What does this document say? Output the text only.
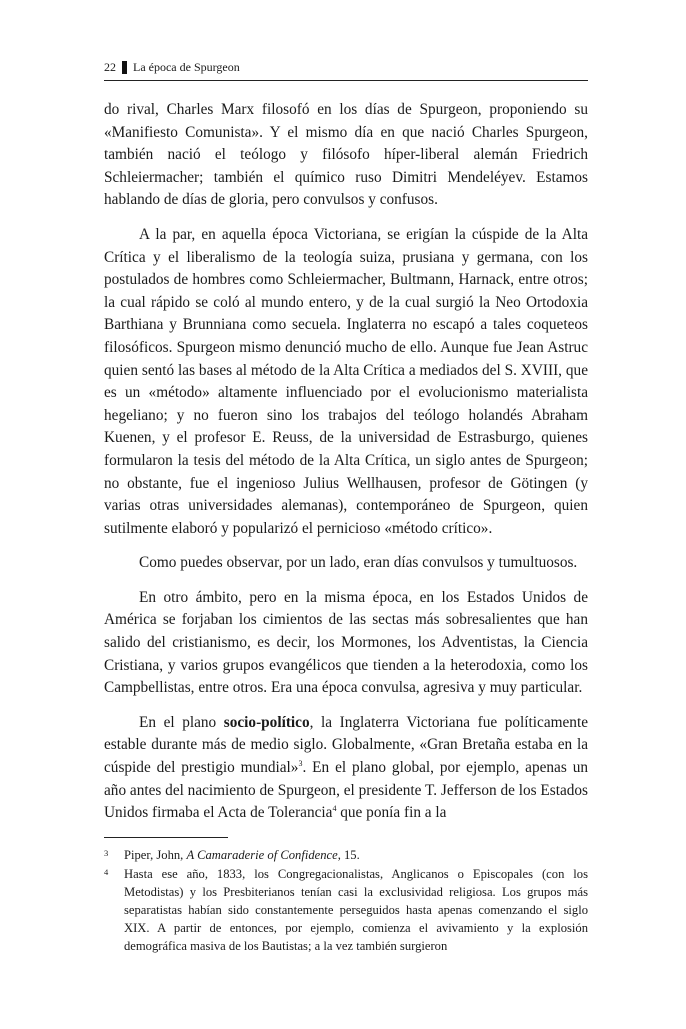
22 La época de Spurgeon

do rival, Charles Marx filosofó en los días de Spurgeon, proponiendo su «Manifiesto Comunista». Y el mismo día en que nació Charles Spurgeon, también nació el teólogo y filósofo híper-liberal alemán Friedrich Schleiermacher; también el químico ruso Dimitri Mendeléyev. Estamos hablando de días de gloria, pero convulsos y confusos.

A la par, en aquella época Victoriana, se erigían la cúspide de la Alta Crítica y el liberalismo de la teología suiza, prusiana y germana, con los postulados de hombres como Schleiermacher, Bultmann, Harnack, entre otros; la cual rápido se coló al mundo entero, y de la cual surgió la Neo Ortodoxia Barthiana y Brunniana como secuela. Inglaterra no escapó a tales coqueteos filosóficos. Spurgeon mismo denunció mucho de ello. Aunque fue Jean Astruc quien sentó las bases al método de la Alta Crítica a mediados del S. XVIII, que es un «método» altamente influenciado por el evolucionismo materialista hegeliano; y no fueron sino los trabajos del teólogo holandés Abraham Kuenen, y el profesor E. Reuss, de la universidad de Estrasburgo, quienes formularon la tesis del método de la Alta Crítica, un siglo antes de Spurgeon; no obstante, fue el ingenioso Julius Wellhausen, profesor de Götingen (y varias otras universidades alemanas), contemporáneo de Spurgeon, quien sutilmente elaboró y popularizó el pernicioso «método crítico».

Como puedes observar, por un lado, eran días convulsos y tumultuosos.

En otro ámbito, pero en la misma época, en los Estados Unidos de América se forjaban los cimientos de las sectas más sobresalientes que han salido del cristianismo, es decir, los Mormones, los Adventistas, la Ciencia Cristiana, y varios grupos evangélicos que tienden a la heterodoxia, como los Campbellistas, entre otros. Era una época convulsa, agresiva y muy particular.

En el plano socio-político, la Inglaterra Victoriana fue políticamente estable durante más de medio siglo. Globalmente, «Gran Bretaña estaba en la cúspide del prestigio mundial»$^3$. En el plano global, por ejemplo, apenas un año antes del nacimiento de Spurgeon, el presidente T. Jefferson de los Estados Unidos firmaba el Acta de Tolerancia$^4$ que ponía fin a la

3	Piper, John, A Camaraderie of Confidence, 15.
4	Hasta ese año, 1833, los Congregacionalistas, Anglicanos o Episcopales (con los Metodistas) y los Presbiterianos tenían casi la exclusividad religiosa. Los grupos más separatistas habían sido constantemente perseguidos hasta apenas comenzando el siglo XIX. A partir de entonces, por ejemplo, comienza el avivamiento y la explosión demográfica masiva de los Bautistas; a la vez también surgieron
